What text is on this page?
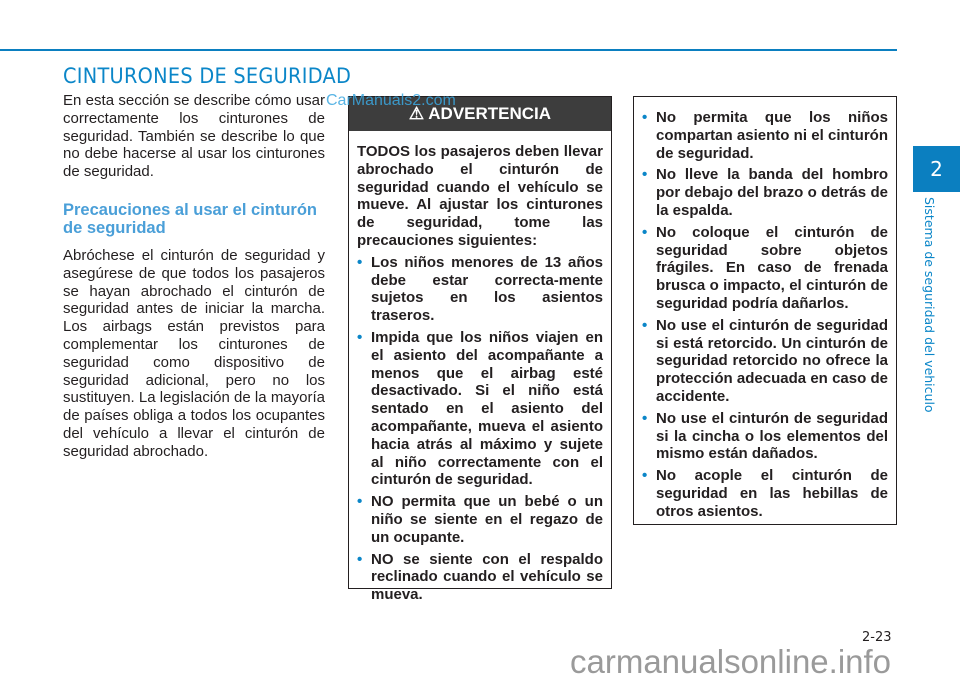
CINTURONES DE SEGURIDAD

En esta sección se describe cómo usar correctamente los cinturones de seguridad. También se describe lo que no debe hacerse al usar los cinturones de seguridad.

Precauciones al usar el cinturón de seguridad

Abróchese el cinturón de seguridad y asegúrese de que todos los pasajeros se hayan abrochado el cinturón de seguridad antes de iniciar la marcha. Los airbags están previstos para complementar los cinturones de seguridad como dispositivo de seguridad adicional, pero no los sustituyen. La legislación de la mayoría de países obliga a todos los ocupantes del vehículo a llevar el cinturón de seguridad abrochado.

⚠ ADVERTENCIA

TODOS los pasajeros deben llevar abrochado el cinturón de seguridad cuando el vehículo se mueve. Al ajustar los cinturones de seguridad, tome las precauciones siguientes:

• Los niños menores de 13 años debe estar correcta-mente sujetos en los asientos traseros.
• Impida que los niños viajen en el asiento del acompañante a menos que el airbag esté desactivado. Si el niño está sentado en el asiento del acompañante, mueva el asiento hacia atrás al máximo y sujete al niño correctamente con el cinturón de seguridad.
• NO permita que un bebé o un niño se siente en el regazo de un ocupante.
• NO se siente con el respaldo reclinado cuando el vehículo se mueva.
• No permita que los niños compartan asiento ni el cinturón de seguridad.
• No lleve la banda del hombro por debajo del brazo o detrás de la espalda.
• No coloque el cinturón de seguridad sobre objetos frágiles. En caso de frenada brusca o impacto, el cinturón de seguridad podría dañarlos.
• No use el cinturón de seguridad si está retorcido. Un cinturón de seguridad retorcido no ofrece la protección adecuada en caso de accidente.
• No use el cinturón de seguridad si la cincha o los elementos del mismo están dañados.
• No acople el cinturón de seguridad en las hebillas de otros asientos.
2
Sistema de seguridad del vehiculo
2-23
CarManuals2.com
carmanualsonline.info
